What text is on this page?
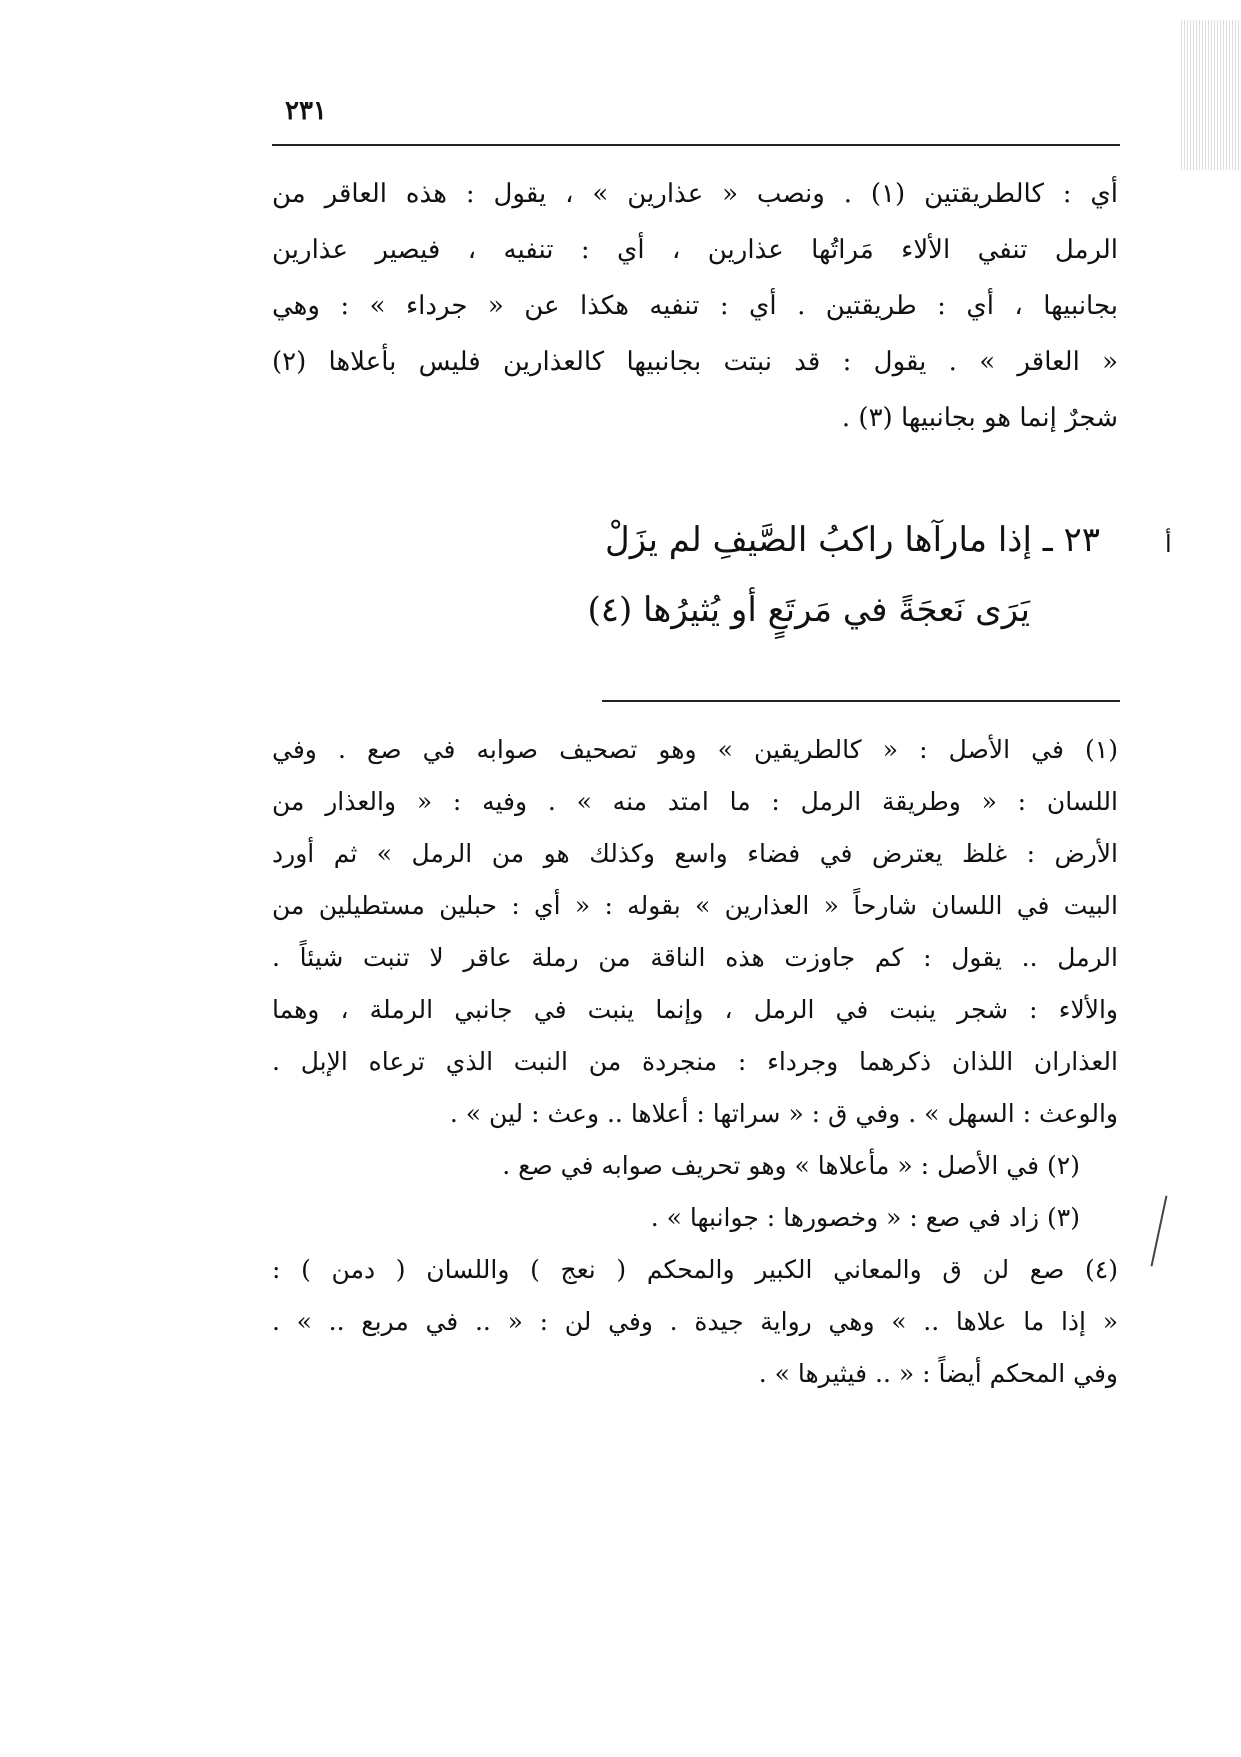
٢٣١

أي : كالطريقتين (١) . ونصب « عذارين » ، يقول : هذه العاقر من

الرمل تنفي الألاء مَراتُها عذارين ، أي : تنفيه ، فيصير عذارين

بجانبيها ، أي : طريقتين . أي : تنفيه هكذا عن « جرداء » : وهي

« العاقر » . يقول : قد نبتت بجانبيها كالعذارين فليس بأعلاها (٢)

شجرٌ إنما هو بجانبيها (٣) .

أ
٢٣ ـ إذا مارآها راكبُ الصَّيفِ لم يزَلْ
يَرَى نَعجَةً في مَرتَعٍ أو يُثيرُها (٤)

(١) في الأصل : « كالطريقين » وهو تصحيف صوابه في صع . وفي

اللسان : « وطريقة الرمل : ما امتد منه » . وفيه : « والعذار من

الأرض : غلظ يعترض في فضاء واسع وكذلك هو من الرمل » ثم أورد

البيت في اللسان شارحاً « العذارين » بقوله : « أي : حبلين مستطيلين من

الرمل .. يقول : كم جاوزت هذه الناقة من رملة عاقر لا تنبت شيئاً .

والألاء : شجر ينبت في الرمل ، وإنما ينبت في جانبي الرملة ، وهما

العذاران اللذان ذكرهما وجرداء : منجردة من النبت الذي ترعاه الإبل .

والوعث : السهل » . وفي ق : « سراتها : أعلاها .. وعث : لين » .

(٢) في الأصل : « مأعلاها » وهو تحريف صوابه في صع .

(٣) زاد في صع : « وخصورها : جوانبها » .

(٤) صع لن ق والمعاني الكبير والمحكم ( نعج ) واللسان ( دمن ) :

« إذا ما علاها .. » وهي رواية جيدة . وفي لن : « .. في مربع .. » .

وفي المحكم أيضاً : « .. فيثيرها » .
